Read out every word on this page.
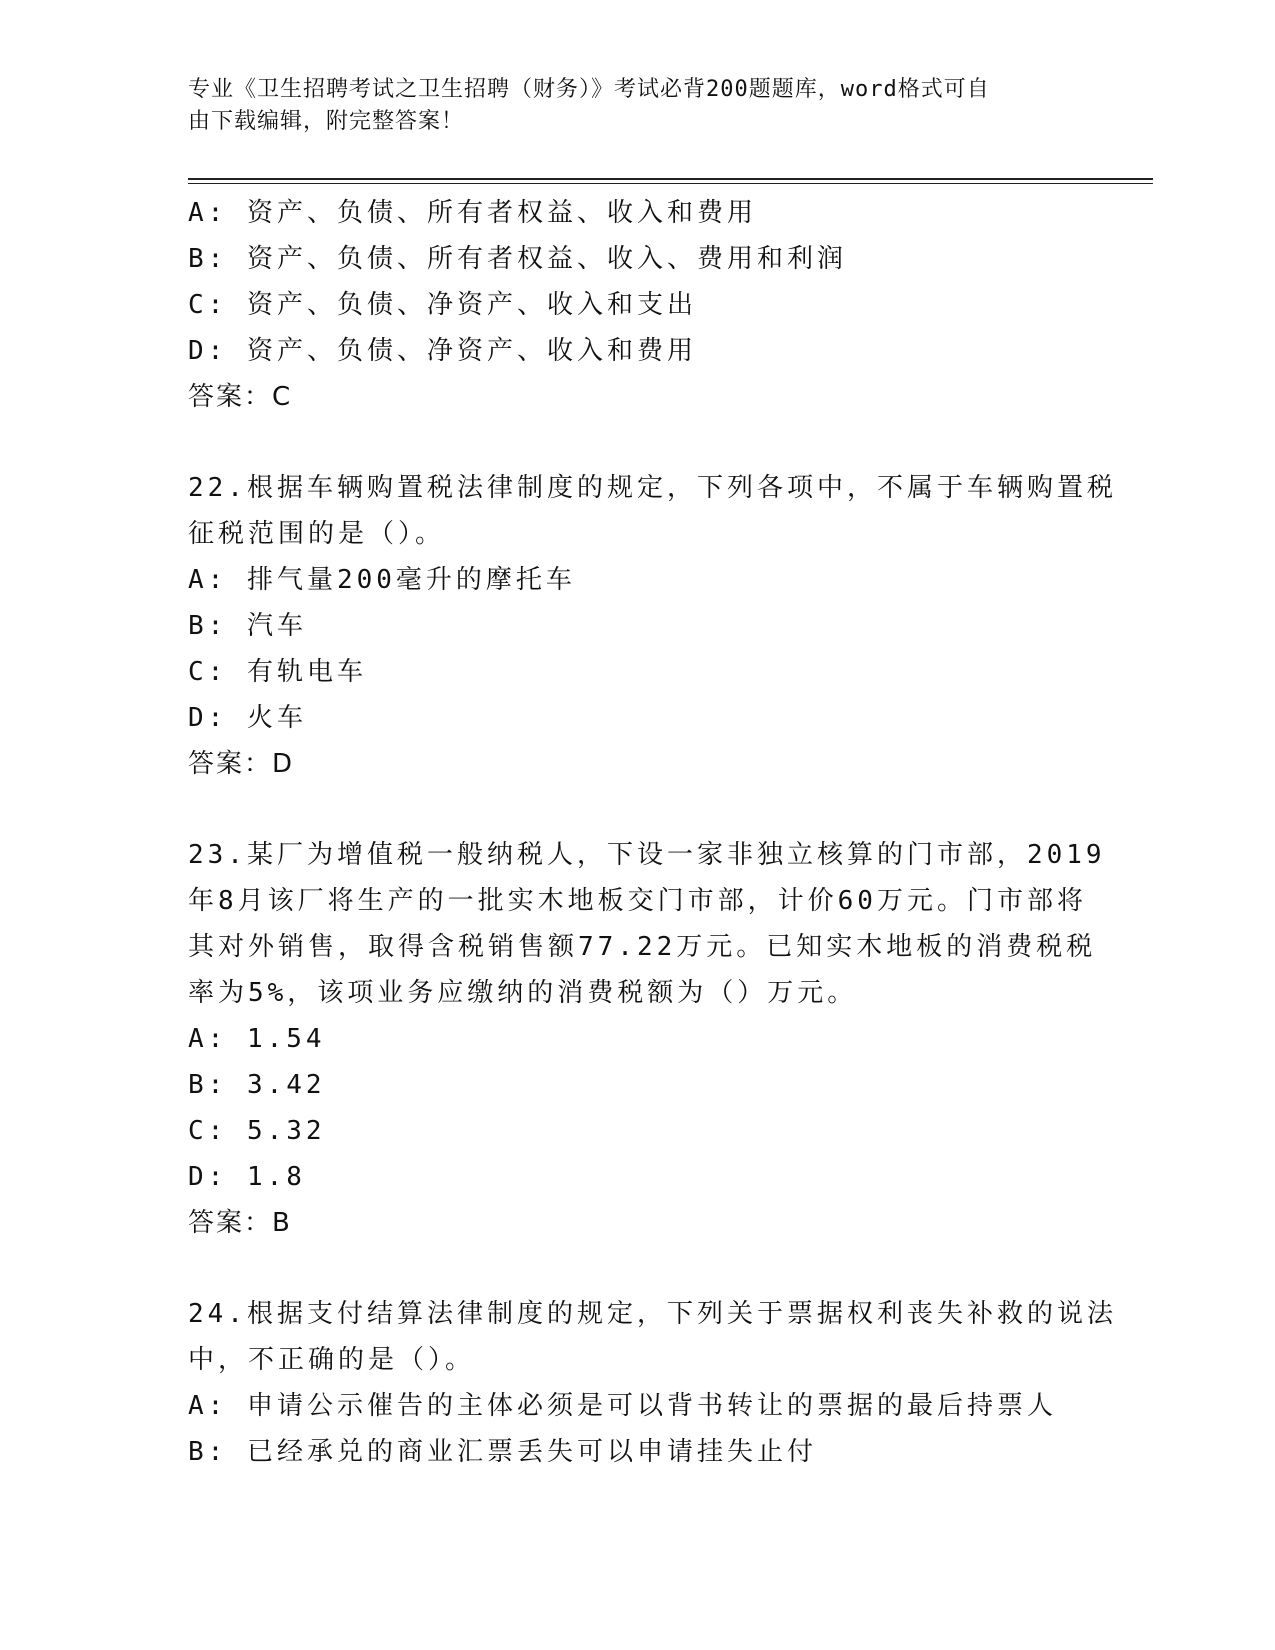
专业《卫生招聘考试之卫生招聘（财务）》考试必背200题题库，word格式可自
由下载编辑，附完整答案！
A: 资产、负债、所有者权益、收入和费用
B: 资产、负债、所有者权益、收入、费用和利润
C: 资产、负债、净资产、收入和支出
D: 资产、负债、净资产、收入和费用
答案：C
22.根据车辆购置税法律制度的规定，下列各项中，不属于车辆购置税
征税范围的是（）。
A: 排气量200毫升的摩托车
B: 汽车
C: 有轨电车
D: 火车
答案：D
23.某厂为增值税一般纳税人，下设一家非独立核算的门市部，2019
年8月该厂将生产的一批实木地板交门市部，计价60万元。门市部将
其对外销售，取得含税销售额77.22万元。已知实木地板的消费税税
率为5%，该项业务应缴纳的消费税额为（）万元。
A: 1.54
B: 3.42
C: 5.32
D: 1.8
答案：B
24.根据支付结算法律制度的规定，下列关于票据权利丧失补救的说法
中，不正确的是（）。
A: 申请公示催告的主体必须是可以背书转让的票据的最后持票人
B: 已经承兑的商业汇票丢失可以申请挂失止付
